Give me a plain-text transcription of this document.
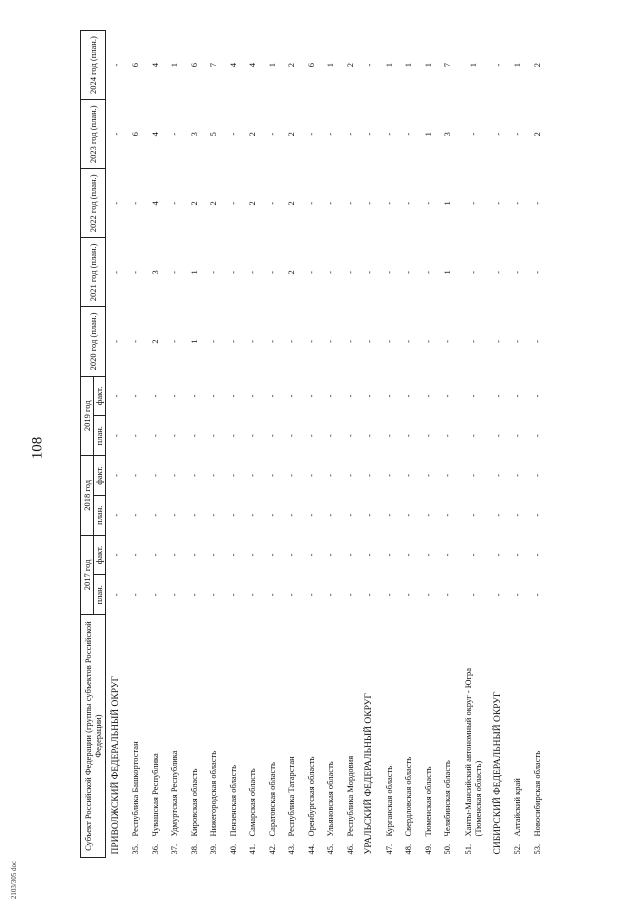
108
2103/305 doc
Субъект Российской Федерации (группы субъектов Российской Федерации)	2017 год		2018 год		2019 год		2020 год (план.)	2021 год (план.)	2022 год (план.)	2023 год (план.)	2024 год (план.)
	план.	факт.	план.	факт.	план.	факт.					
ПРИВОЛЖСКИЙ ФЕДЕРАЛЬНЫЙ ОКРУГ	-	-	-	-	-	-	-	-	-	-	-
35.Республика Башкортостан	-	-	-	-	-	-	-	-	-	6	6
36.Чувашская Республика	-	-	-	-	-	-	2	3	4	4	4
37.Удмуртская Республика	-	-	-	-	-	-	-	-	-	-	1
38.Кировская область	-	-	-	-	-	-	1	1	2	3	6
39.Нижегородская область	-	-	-	-	-	-	-	-	2	5	7
40.Пензенская область	-	-	-	-	-	-	-	-	-	-	4
41.Самарская область	-	-	-	-	-	-	-	-	2	2	4
42.Саратовская область	-	-	-	-	-	-	-	-	-	-	1
43.Республика Татарстан	-	-	-	-	-	-	-	2	2	2	2
44.Оренбургская область	-	-	-	-	-	-	-	-	-	-	6
45.Ульяновская область	-	-	-	-	-	-	-	-	-	-	1
46.Республика Мордовия	-	-	-	-	-	-	-	-	-	-	2
УРАЛЬСКИЙ ФЕДЕРАЛЬНЫЙ ОКРУГ	-	-	-	-	-	-	-	-	-	-	-
47.Курганская область	-	-	-	-	-	-	-	-	-	-	1
48.Свердловская область	-	-	-	-	-	-	-	-	-	-	1
49.Тюменская область	-	-	-	-	-	-	-	-	-	1	1
50.Челябинская область	-	-	-	-	-	-	-	1	1	3	7
51.Ханты-Мансийский автономный округ - Югра (Тюменская область)	-	-	-	-	-	-	-	-	-	-	1
СИБИРСКИЙ ФЕДЕРАЛЬНЫЙ ОКРУГ	-	-	-	-	-	-	-	-	-	-	-
52.Алтайский край	-	-	-	-	-	-	-	-	-	-	1
53.Новосибирская область	-	-	-	-	-	-	-	-	-	2	2
